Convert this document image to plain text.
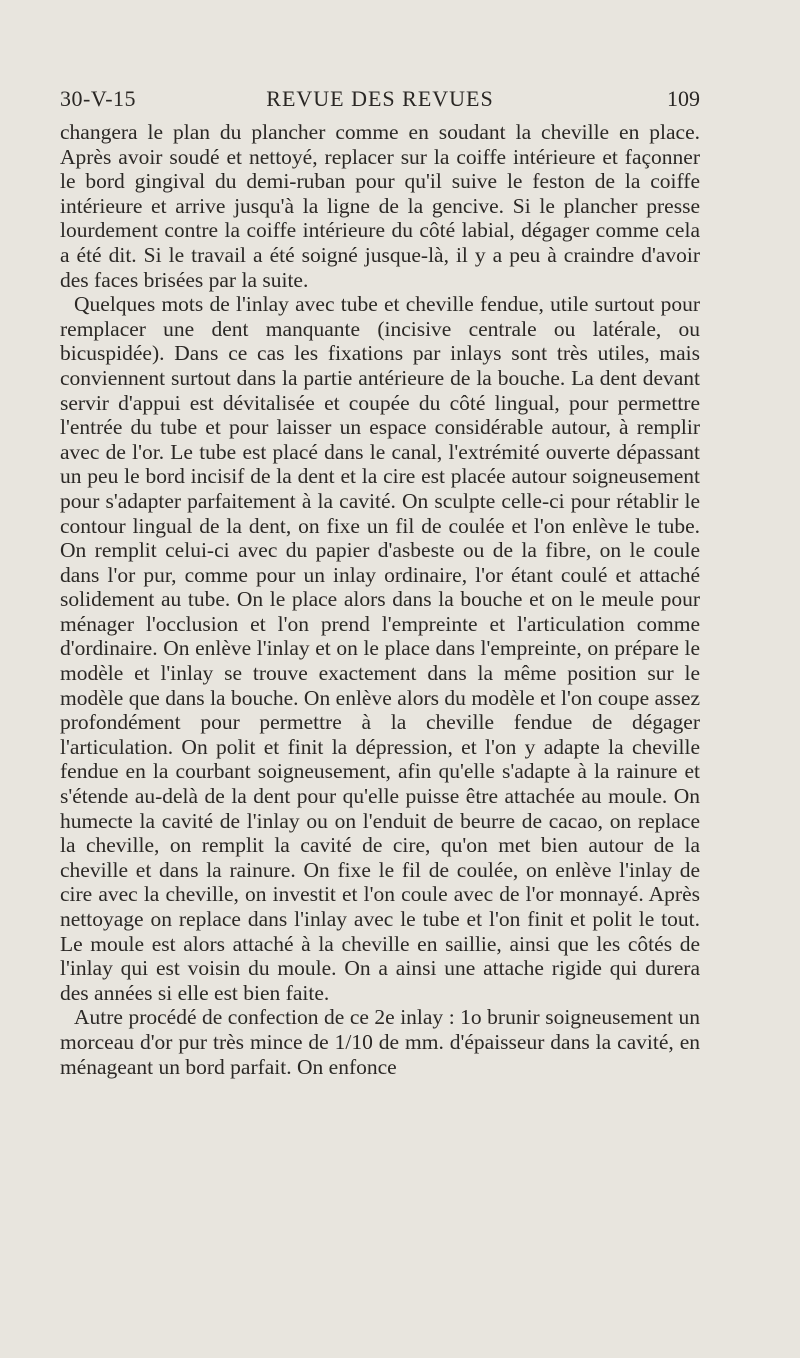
30-V-15	REVUE DES REVUES	109

changera le plan du plancher comme en soudant la cheville en place. Après avoir soudé et nettoyé, replacer sur la coiffe intérieure et façonner le bord gingival du demi-ruban pour qu'il suive le feston de la coiffe intérieure et arrive jusqu'à la ligne de la gencive. Si le plancher presse lourdement contre la coiffe intérieure du côté labial, dégager comme cela a été dit. Si le travail a été soigné jusque-là, il y a peu à craindre d'avoir des faces brisées par la suite.

Quelques mots de l'inlay avec tube et cheville fendue, utile surtout pour remplacer une dent manquante (incisive centrale ou latérale, ou bicuspidée). Dans ce cas les fixations par inlays sont très utiles, mais conviennent surtout dans la partie antérieure de la bouche. La dent devant servir d'appui est dévitalisée et coupée du côté lingual, pour permettre l'entrée du tube et pour laisser un espace considérable autour, à remplir avec de l'or. Le tube est placé dans le canal, l'extrémité ouverte dépassant un peu le bord incisif de la dent et la cire est placée autour soigneusement pour s'adapter parfaitement à la cavité. On sculpte celle-ci pour rétablir le contour lingual de la dent, on fixe un fil de coulée et l'on enlève le tube. On remplit celui-ci avec du papier d'asbeste ou de la fibre, on le coule dans l'or pur, comme pour un inlay ordinaire, l'or étant coulé et attaché solidement au tube. On le place alors dans la bouche et on le meule pour ménager l'occlusion et l'on prend l'empreinte et l'articulation comme d'ordinaire. On enlève l'inlay et on le place dans l'empreinte, on prépare le modèle et l'inlay se trouve exactement dans la même position sur le modèle que dans la bouche. On enlève alors du modèle et l'on coupe assez profondément pour permettre à la cheville fendue de dégager l'articulation. On polit et finit la dépression, et l'on y adapte la cheville fendue en la courbant soigneusement, afin qu'elle s'adapte à la rainure et s'étende au-delà de la dent pour qu'elle puisse être attachée au moule. On humecte la cavité de l'inlay ou on l'enduit de beurre de cacao, on replace la cheville, on remplit la cavité de cire, qu'on met bien autour de la cheville et dans la rainure. On fixe le fil de coulée, on enlève l'inlay de cire avec la cheville, on investit et l'on coule avec de l'or monnayé. Après nettoyage on replace dans l'inlay avec le tube et l'on finit et polit le tout. Le moule est alors attaché à la cheville en saillie, ainsi que les côtés de l'inlay qui est voisin du moule. On a ainsi une attache rigide qui durera des années si elle est bien faite.

Autre procédé de confection de ce 2e inlay : 1o brunir soigneusement un morceau d'or pur très mince de 1/10 de mm. d'épaisseur dans la cavité, en ménageant un bord parfait. On enfonce
